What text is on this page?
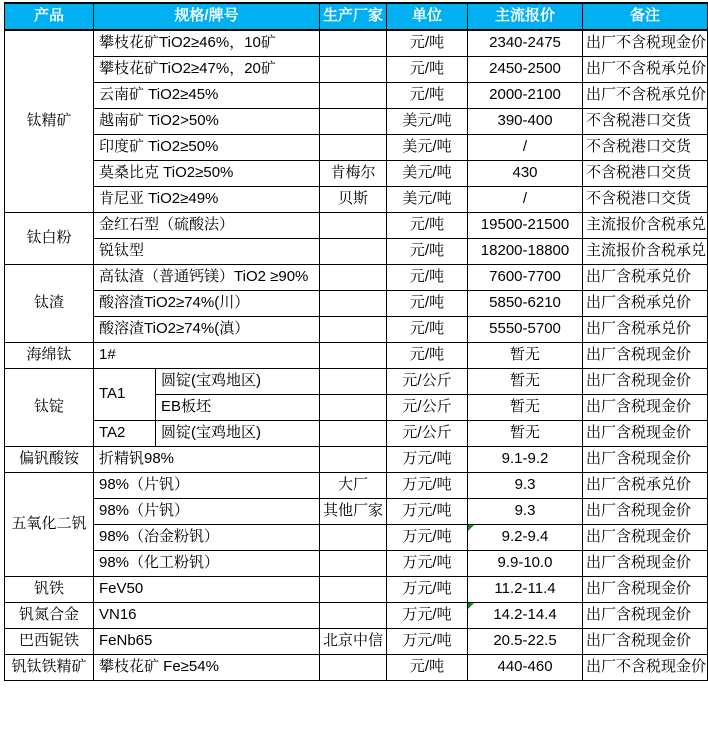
产品	规格/牌号		生产厂家	单位	主流报价	备注
钛精矿	攀枝花矿TiO2≥46%，10矿			元/吨	2340-2475	出厂不含税现金价
	攀枝花矿TiO2≥47%，20矿			元/吨	2450-2500	出厂不含税承兑价
	云南矿 TiO2≥45%			元/吨	2000-2100	出厂不含税承兑价
	越南矿 TiO2>50%			美元/吨	390-400	不含税港口交货
	印度矿 TiO2≥50%			美元/吨	/	不含税港口交货
	莫桑比克 TiO2≥50%		肯梅尔	美元/吨	430	不含税港口交货
	肯尼亚 TiO2≥49%		贝斯	美元/吨	/	不含税港口交货
钛白粉	金红石型（硫酸法）			元/吨	19500-21500	主流报价含税承兑
	锐钛型			元/吨	18200-18800	主流报价含税承兑
钛渣	高钛渣（普通钙镁）TiO2 ≥90%			元/吨	7600-7700	出厂含税承兑价
	酸溶渣TiO2≥74%(川）			元/吨	5850-6210	出厂含税承兑价
	酸溶渣TiO2≥74%(滇）			元/吨	5550-5700	出厂含税承兑价
海绵钛	1#			元/吨	暂无	出厂含税现金价
钛锭	TA1	圆锭(宝鸡地区)		元/公斤	暂无	出厂含税现金价
		EB板坯		元/公斤	暂无	出厂含税现金价
	TA2	圆锭(宝鸡地区)		元/公斤	暂无	出厂含税现金价
偏钒酸铵	折精钒98%			万元/吨	9.1-9.2	出厂含税现金价
五氧化二钒	98%（片钒）		大厂	万元/吨	9.3	出厂含税承兑价
	98%（片钒）		其他厂家	万元/吨	9.3	出厂含税现金价
	98%（冶金粉钒）			万元/吨	9.2-9.4	出厂含税现金价
	98%（化工粉钒）			万元/吨	9.9-10.0	出厂含税现金价
钒铁	FeV50			万元/吨	11.2-11.4	出厂含税现金价
钒氮合金	VN16			万元/吨	14.2-14.4	出厂含税现金价
巴西铌铁	FeNb65		北京中信	万元/吨	20.5-22.5	出厂含税现金价
钒钛铁精矿	攀枝花矿 Fe≥54%			元/吨	440-460	出厂不含税现金价
